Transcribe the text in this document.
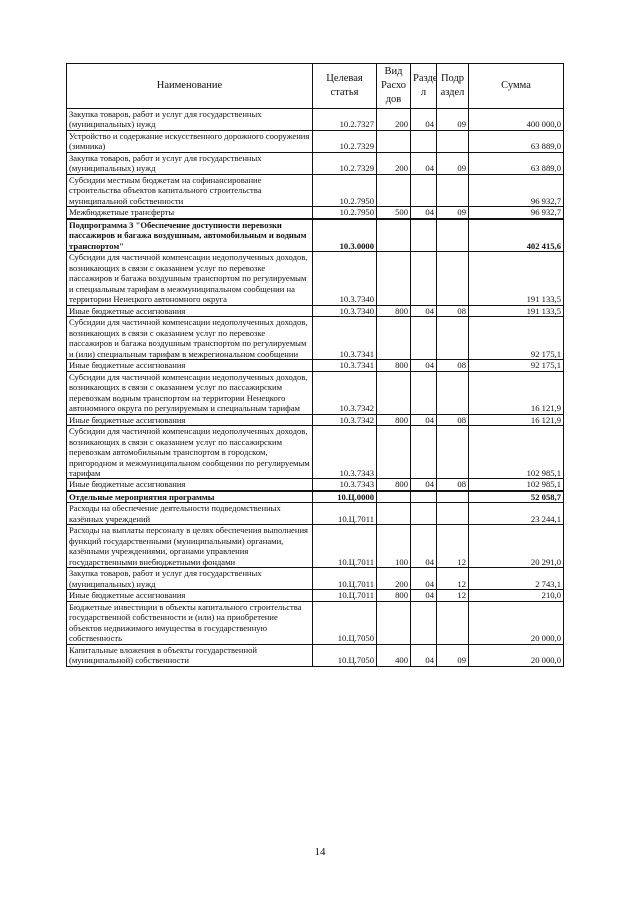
Наименование	Целевая статья	Вид Расхо дов	Разде л	Подр аздел	Сумма
Закупка товаров, работ и услуг для государственных (муниципальных) нужд	10.2.7327	200	04	09	400 000,0
Устройство и содержание искусственного дорожного сооружения (зимника)	10.2.7329				63 889,0
Закупка товаров, работ и услуг для государственных (муниципальных) нужд	10.2.7329	200	04	09	63 889,0
Субсидии местным бюджетам на софинансирование строительства объектов капитального строительства муниципальной собственности	10.2.7950				96 932,7
Межбюджетные трансферты	10.2.7950	500	04	09	96 932,7
Подпрограмма 3 "Обеспечение доступности перевозки пассажиров и багажа воздушным, автомобильным и водным транспортом"	10.3.0000				402 415,6
Субсидии для частичной компенсации недополученных доходов, возникающих в связи с оказанием услуг по перевозке пассажиров и багажа воздушным транспортом по регулируемым и специальным тарифам в межмуниципальном сообщении на территории Ненецкого автономного округа	10.3.7340				191 133,5
Иные бюджетные ассигнования	10.3.7340	800	04	08	191 133,5
Субсидии для частичной компенсации недополученных доходов, возникающих в связи с оказанием услуг по перевозке пассажиров и багажа воздушным транспортом по регулируемым и (или) специальным тарифам в межрегиональном сообщении	10.3.7341				92 175,1
Иные бюджетные ассигнования	10.3.7341	800	04	08	92 175,1
Субсидии для частичной компенсации недополученных доходов, возникающих в связи с оказанием услуг по пассажирским перевозкам водным транспортом на территории Ненецкого автономного округа по регулируемым и специальным тарифам	10.3.7342				16 121,9
Иные бюджетные ассигнования	10.3.7342	800	04	08	16 121,9
Субсидии для частичной компенсации недополученных доходов, возникающих в связи с оказанием услуг по пассажирским перевозкам автомобильным транспортом в городском, пригородном и межмуниципальном сообщении по регулируемым тарифам	10.3.7343				102 985,1
Иные бюджетные ассигнования	10.3.7343	800	04	08	102 985,1
Отдельные мероприятия программы	10.Ц.0000				52 058,7
Расходы на обеспечение деятельности подведомственных казённых учреждений	10.Ц.7011				23 244,1
Расходы на выплаты персоналу в целях обеспечения выполнения функций государственными (муниципальными) органами, казёнными учреждениями, органами управления государственными внебюджетными фондами	10.Ц.7011	100	04	12	20 291,0
Закупка товаров, работ и услуг для государственных (муниципальных) нужд	10.Ц.7011	200	04	12	2 743,1
Иные бюджетные ассигнования	10.Ц.7011	800	04	12	210,0
Бюджетные инвестиции в объекты капитального строительства государственной собственности и (или) на приобретение объектов недвижимого имущества в государственную собственность	10.Ц.7050				20 000,0
Капитальные вложения в объекты государственной (муниципальной) собственности	10.Ц.7050	400	04	09	20 000,0
14
